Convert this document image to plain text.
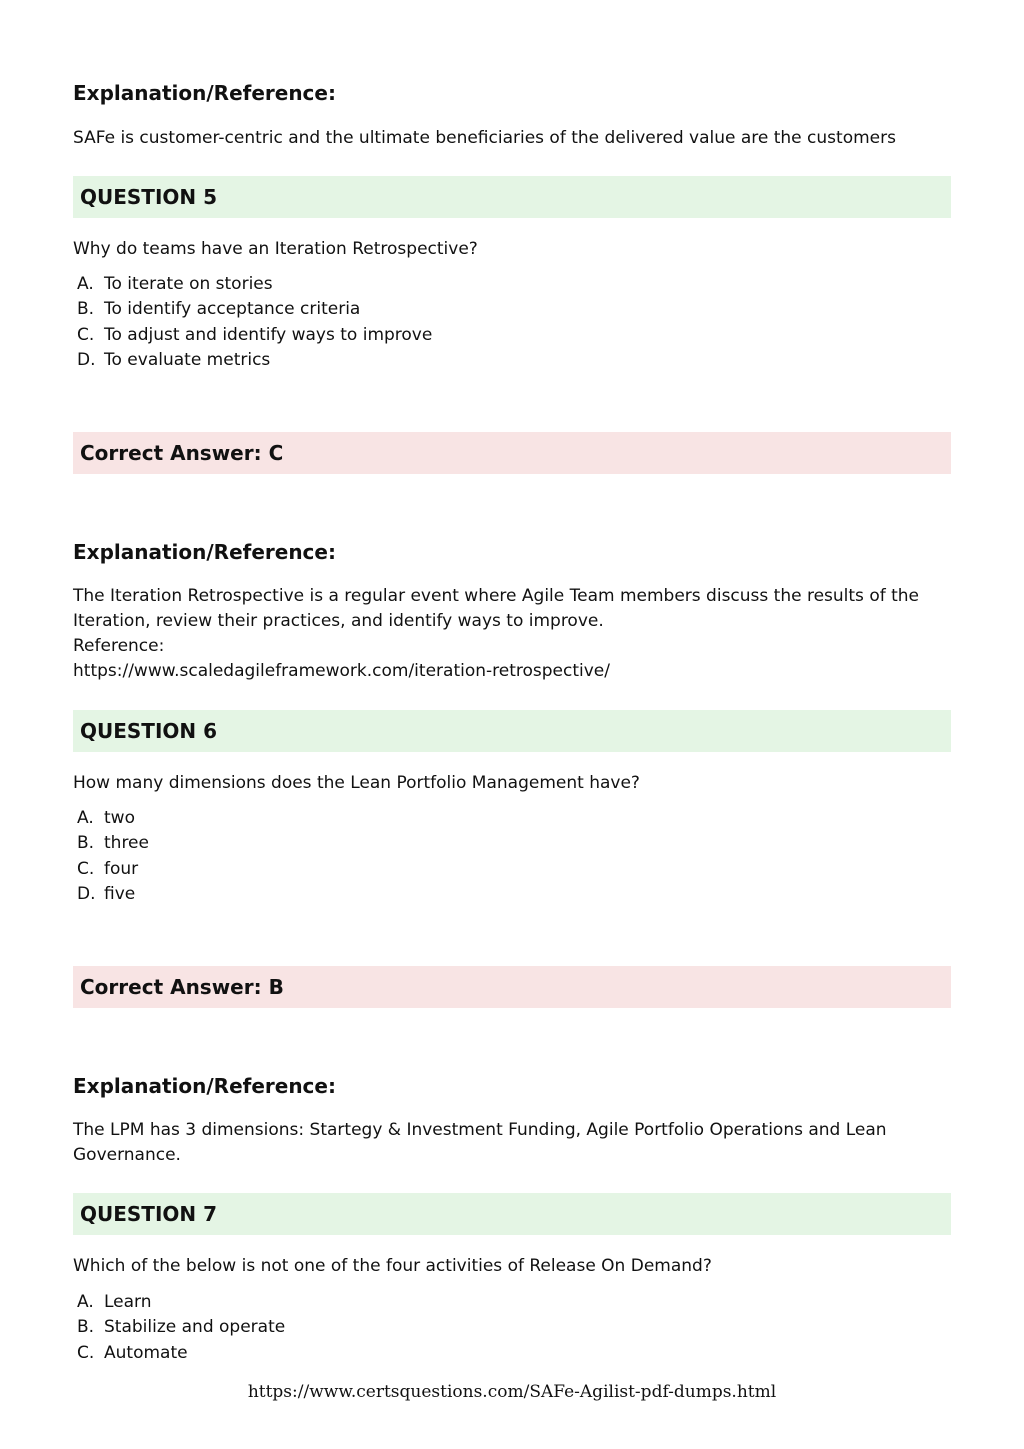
Explanation/Reference:
SAFe is customer-centric and the ultimate beneficiaries of the delivered value are the customers
QUESTION 5
Why do teams have an Iteration Retrospective?
A. To iterate on stories
B. To identify acceptance criteria
C. To adjust and identify ways to improve
D. To evaluate metrics
Correct Answer: C
Explanation/Reference:
The Iteration Retrospective is a regular event where Agile Team members discuss the results of the
Iteration, review their practices, and identify ways to improve.
Reference:
https://www.scaledagileframework.com/iteration-retrospective/
QUESTION 6
How many dimensions does the Lean Portfolio Management have?
A. two
B. three
C. four
D. five
Correct Answer: B
Explanation/Reference:
The LPM has 3 dimensions: Startegy & Investment Funding, Agile Portfolio Operations and Lean
Governance.
QUESTION 7
Which of the below is not one of the four activities of Release On Demand?
A. Learn
B. Stabilize and operate
C. Automate
https://www.certsquestions.com/SAFe-Agilist-pdf-dumps.html
